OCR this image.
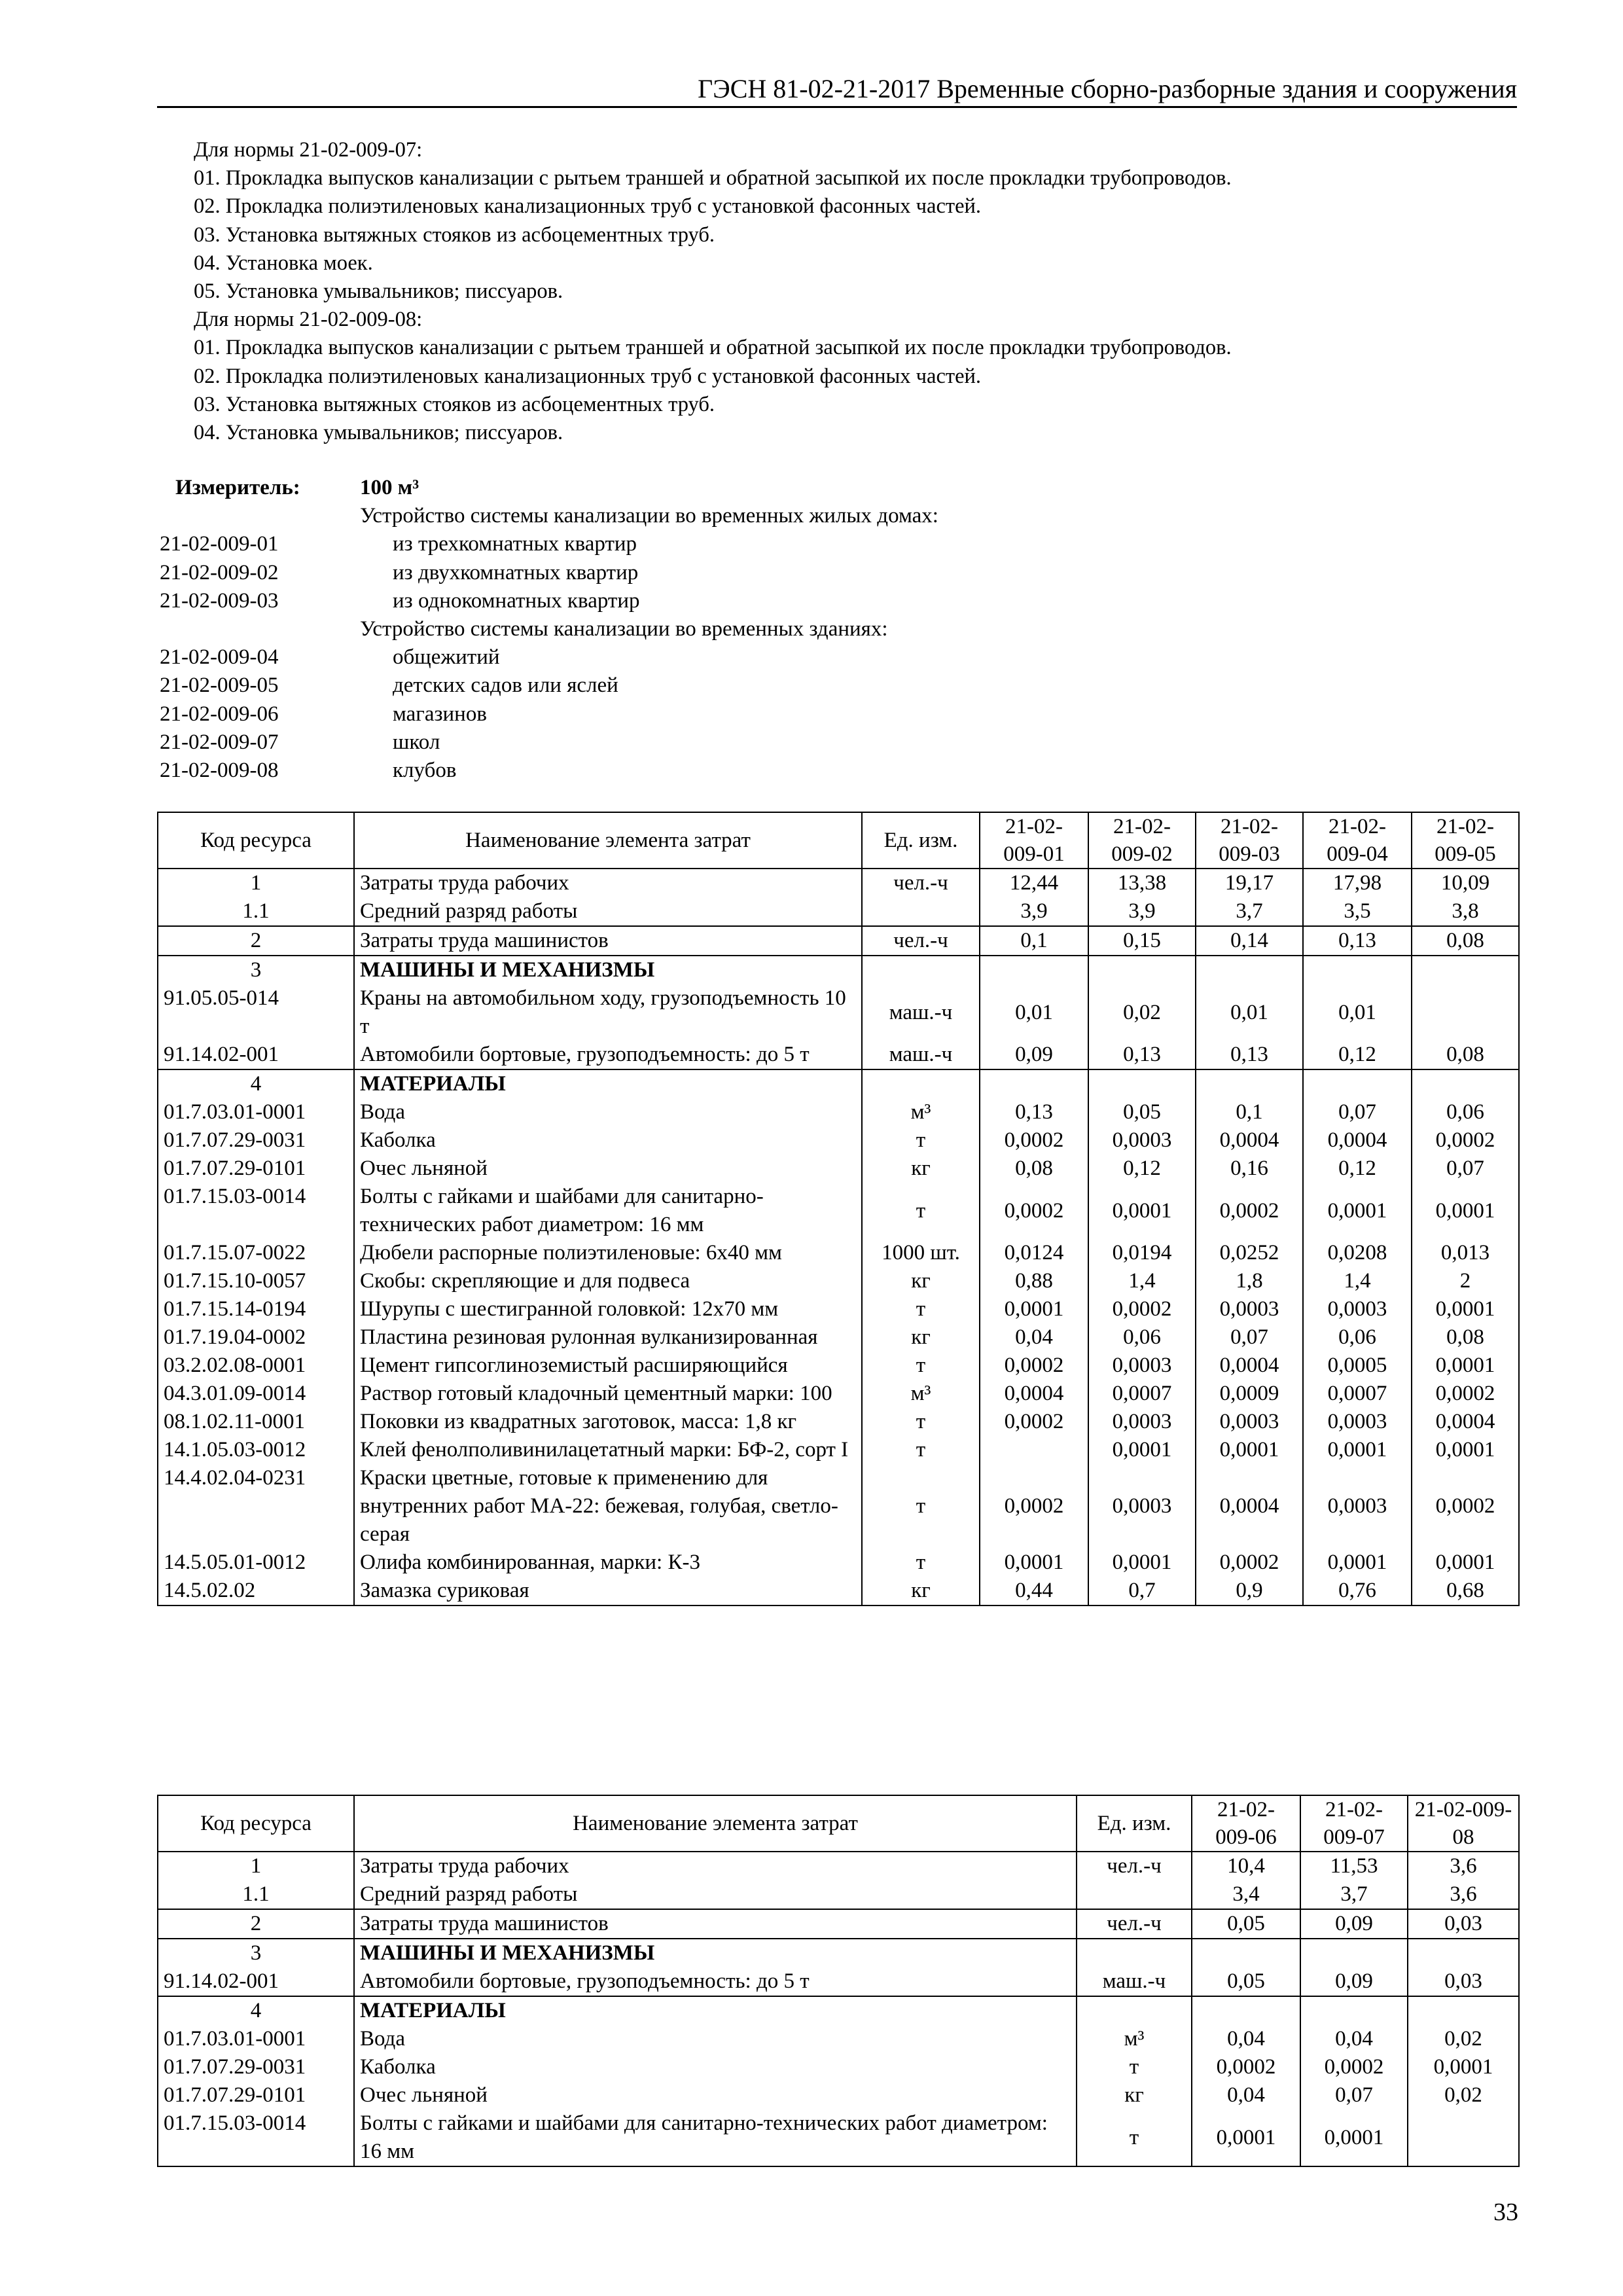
ГЭСН 81-02-21-2017 Временные сборно-разборные здания и сооружения
Для нормы 21-02-009-07:
01. Прокладка выпусков канализации с рытьем траншей и обратной засыпкой их после прокладки трубопроводов.
02. Прокладка полиэтиленовых канализационных труб с установкой фасонных частей.
03. Установка вытяжных стояков из асбоцементных труб.
04. Установка моек.
05. Установка умывальников; писсуаров.
Для нормы 21-02-009-08:
01. Прокладка выпусков канализации с рытьем траншей и обратной засыпкой их после прокладки трубопроводов.
02. Прокладка полиэтиленовых канализационных труб с установкой фасонных частей.
03. Установка вытяжных стояков из асбоцементных труб.
04. Установка умывальников; писсуаров.
Измеритель:	100 м³
Устройство системы канализации во временных жилых домах:
21-02-009-01	из трехкомнатных квартир
21-02-009-02	из двухкомнатных квартир
21-02-009-03	из однокомнатных квартир
Устройство системы канализации во временных зданиях:
21-02-009-04	общежитий
21-02-009-05	детских садов или яслей
21-02-009-06	магазинов
21-02-009-07	школ
21-02-009-08	клубов
Код ресурса	Наименование элемента затрат	Ед. изм.	21-02-009-01	21-02-009-02	21-02-009-03	21-02-009-04	21-02-009-05
1	Затраты труда рабочих	чел.-ч	12,44	13,38	19,17	17,98	10,09
1.1	Средний разряд работы		3,9	3,9	3,7	3,5	3,8
2	Затраты труда машинистов	чел.-ч	0,1	0,15	0,14	0,13	0,08
3	МАШИНЫ И МЕХАНИЗМЫ						
91.05.05-014	Краны на автомобильном ходу, грузоподъемность 10 т	маш.-ч	0,01	0,02	0,01	0,01	
91.14.02-001	Автомобили бортовые, грузоподъемность: до 5 т	маш.-ч	0,09	0,13	0,13	0,12	0,08
4	МАТЕРИАЛЫ						
01.7.03.01-0001	Вода	м³	0,13	0,05	0,1	0,07	0,06
01.7.07.29-0031	Каболка	т	0,0002	0,0003	0,0004	0,0004	0,0002
01.7.07.29-0101	Очес льняной	кг	0,08	0,12	0,16	0,12	0,07
01.7.15.03-0014	Болты с гайками и шайбами для санитарно-технических работ диаметром: 16 мм	т	0,0002	0,0001	0,0002	0,0001	0,0001
01.7.15.07-0022	Дюбели распорные полиэтиленовые: 6х40 мм	1000 шт.	0,0124	0,0194	0,0252	0,0208	0,013
01.7.15.10-0057	Скобы: скрепляющие и для подвеса	кг	0,88	1,4	1,8	1,4	2
01.7.15.14-0194	Шурупы с шестигранной головкой: 12х70 мм	т	0,0001	0,0002	0,0003	0,0003	0,0001
01.7.19.04-0002	Пластина резиновая рулонная вулканизированная	кг	0,04	0,06	0,07	0,06	0,08
03.2.02.08-0001	Цемент гипсоглиноземистый расширяющийся	т	0,0002	0,0003	0,0004	0,0005	0,0001
04.3.01.09-0014	Раствор готовый кладочный цементный марки: 100	м³	0,0004	0,0007	0,0009	0,0007	0,0002
08.1.02.11-0001	Поковки из квадратных заготовок, масса: 1,8 кг	т	0,0002	0,0003	0,0003	0,0003	0,0004
14.1.05.03-0012	Клей фенолполивинилацетатный марки: БФ-2, сорт I	т		0,0001	0,0001	0,0001	0,0001
14.4.02.04-0231	Краски цветные, готовые к применению для внутренних работ МА-22: бежевая, голубая, светло-серая	т	0,0002	0,0003	0,0004	0,0003	0,0002
14.5.05.01-0012	Олифа комбинированная, марки: К-3	т	0,0001	0,0001	0,0002	0,0001	0,0001
14.5.02.02	Замазка суриковая	кг	0,44	0,7	0,9	0,76	0,68
Код ресурса	Наименование элемента затрат	Ед. изм.	21-02-009-06	21-02-009-07	21-02-009-08
1	Затраты труда рабочих	чел.-ч	10,4	11,53	3,6
1.1	Средний разряд работы		3,4	3,7	3,6
2	Затраты труда машинистов	чел.-ч	0,05	0,09	0,03
3	МАШИНЫ И МЕХАНИЗМЫ				
91.14.02-001	Автомобили бортовые, грузоподъемность: до 5 т	маш.-ч	0,05	0,09	0,03
4	МАТЕРИАЛЫ				
01.7.03.01-0001	Вода	м³	0,04	0,04	0,02
01.7.07.29-0031	Каболка	т	0,0002	0,0002	0,0001
01.7.07.29-0101	Очес льняной	кг	0,04	0,07	0,02
01.7.15.03-0014	Болты с гайками и шайбами для санитарно-технических работ диаметром: 16 мм	т	0,0001	0,0001	
33
